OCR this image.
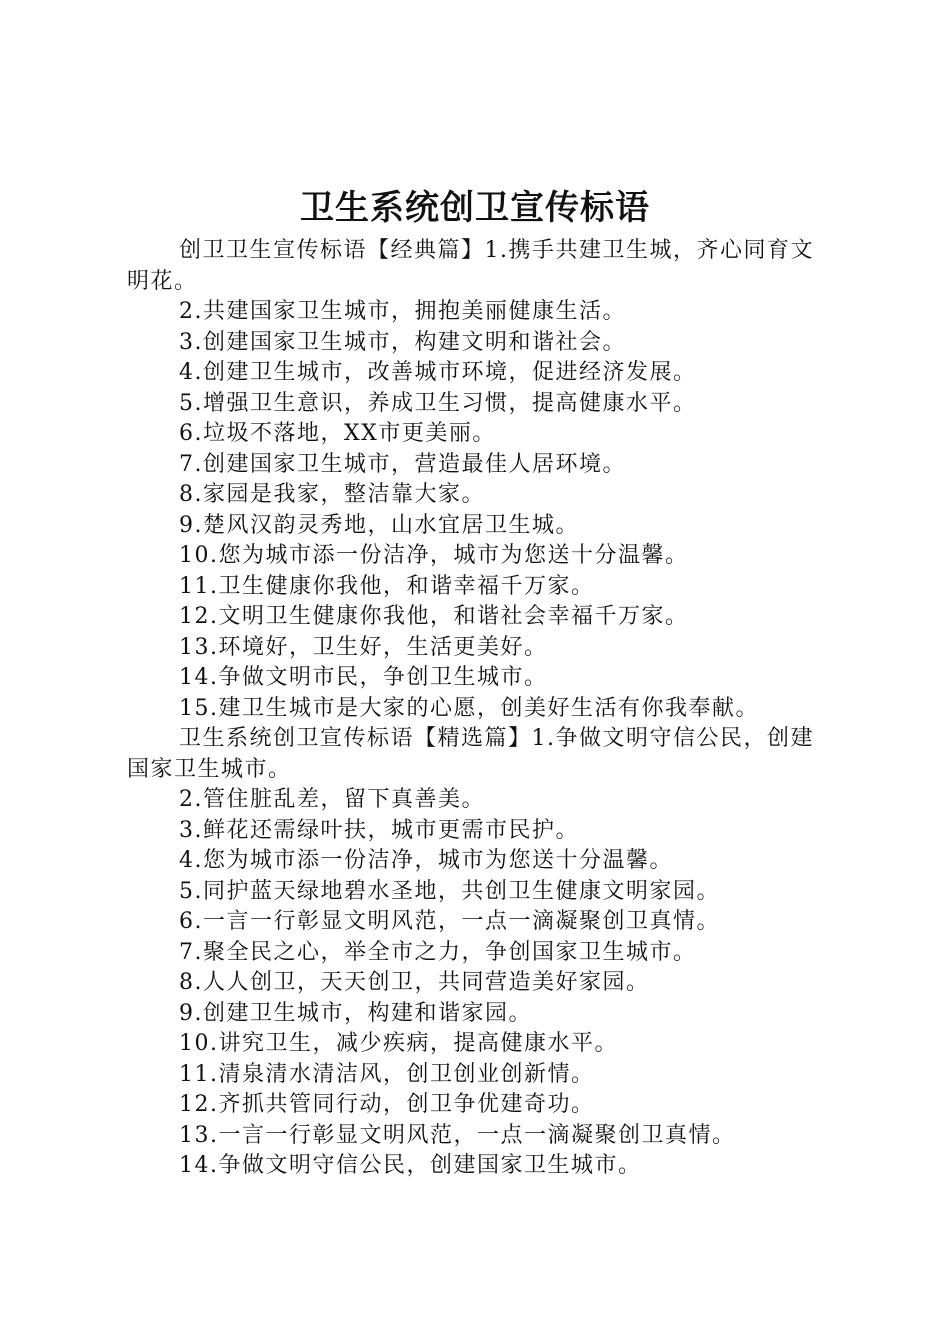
卫生系统创卫宣传标语

创卫卫生宣传标语【经典篇】1.携手共建卫生城，齐心同育文明花。

2.共建国家卫生城市，拥抱美丽健康生活。

3.创建国家卫生城市，构建文明和谐社会。

4.创建卫生城市，改善城市环境，促进经济发展。

5.增强卫生意识，养成卫生习惯，提高健康水平。

6.垃圾不落地，XX市更美丽。

7.创建国家卫生城市，营造最佳人居环境。

8.家园是我家，整洁靠大家。

9.楚风汉韵灵秀地，山水宜居卫生城。

10.您为城市添一份洁净，城市为您送十分温馨。

11.卫生健康你我他，和谐幸福千万家。

12.文明卫生健康你我他，和谐社会幸福千万家。

13.环境好，卫生好，生活更美好。

14.争做文明市民，争创卫生城市。

15.建卫生城市是大家的心愿，创美好生活有你我奉献。

卫生系统创卫宣传标语【精选篇】1.争做文明守信公民，创建国家卫生城市。

2.管住脏乱差，留下真善美。

3.鲜花还需绿叶扶，城市更需市民护。

4.您为城市添一份洁净，城市为您送十分温馨。

5.同护蓝天绿地碧水圣地，共创卫生健康文明家园。

6.一言一行彰显文明风范，一点一滴凝聚创卫真情。

7.聚全民之心，举全市之力，争创国家卫生城市。

8.人人创卫，天天创卫，共同营造美好家园。

9.创建卫生城市，构建和谐家园。

10.讲究卫生，减少疾病，提高健康水平。

11.清泉清水清洁风，创卫创业创新情。

12.齐抓共管同行动，创卫争优建奇功。

13.一言一行彰显文明风范，一点一滴凝聚创卫真情。

14.争做文明守信公民，创建国家卫生城市。
